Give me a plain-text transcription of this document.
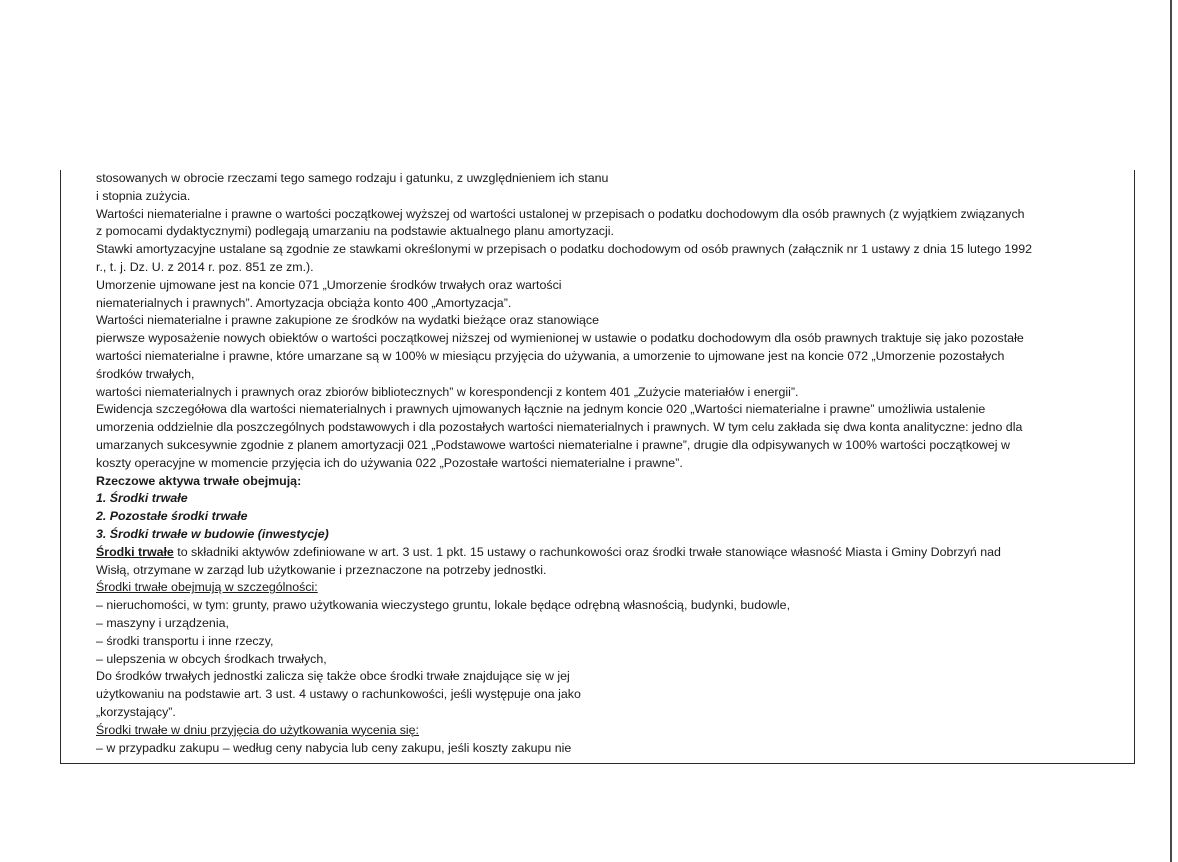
stosowanych w obrocie rzeczami tego samego rodzaju i gatunku, z uwzględnieniem ich stanu
i stopnia zużycia.
Wartości niematerialne i prawne o wartości początkowej wyższej od wartości ustalonej w przepisach o podatku dochodowym dla osób prawnych (z wyjątkiem związanych
z pomocami dydaktycznymi) podlegają umarzaniu na podstawie aktualnego planu amortyzacji.
Stawki amortyzacyjne ustalane są zgodnie ze stawkami określonymi w przepisach o podatku dochodowym od osób prawnych (załącznik nr 1 ustawy z dnia 15 lutego 1992
r., t. j. Dz. U. z 2014 r. poz. 851 ze zm.).
Umorzenie ujmowane jest na koncie 071 „Umorzenie środków trwałych oraz wartości
niematerialnych i prawnych”. Amortyzacja obciąża konto 400 „Amortyzacja”.
Wartości niematerialne i prawne zakupione ze środków na wydatki bieżące oraz stanowiące
pierwsze wyposażenie nowych obiektów o wartości początkowej niższej od wymienionej w ustawie o podatku dochodowym dla osób prawnych traktuje się jako pozostałe
wartości niematerialne i prawne, które umarzane są w 100% w miesiącu przyjęcia do używania, a umorzenie to ujmowane jest na koncie 072 „Umorzenie pozostałych
środków trwałych,
wartości niematerialnych i prawnych oraz zbiorów bibliotecznych” w korespondencji z kontem 401 „Zużycie materiałów i energii”.
Ewidencja szczegółowa dla wartości niematerialnych i prawnych ujmowanych łącznie na jednym koncie 020 „Wartości niematerialne i prawne” umożliwia ustalenie
umorzenia oddzielnie dla poszczególnych podstawowych i dla pozostałych wartości niematerialnych i prawnych. W tym celu zakłada się dwa konta analityczne: jedno dla
umarzanych sukcesywnie zgodnie z planem amortyzacji 021 „Podstawowe wartości niematerialne i prawne”, drugie dla odpisywanych w 100% wartości początkowej w
koszty operacyjne w momencie przyjęcia ich do używania 022 „Pozostałe wartości niematerialne i prawne”.
Rzeczowe aktywa trwałe obejmują:
1. Środki trwałe
2. Pozostałe środki trwałe
3. Środki trwałe w budowie (inwestycje)
Środki trwałe to składniki aktywów zdefiniowane w art. 3 ust. 1 pkt. 15 ustawy o rachunkowości oraz środki trwałe stanowiące własność Miasta i Gminy Dobrzyń nad
Wisłą, otrzymane w zarząd lub użytkowanie i przeznaczone na potrzeby jednostki.
Środki trwałe obejmują w szczególności:
– nieruchomości, w tym: grunty, prawo użytkowania wieczystego gruntu, lokale będące odrębną własnością, budynki, budowle,
– maszyny i urządzenia,
– środki transportu i inne rzeczy,
– ulepszenia w obcych środkach trwałych,
Do środków trwałych jednostki zalicza się także obce środki trwałe znajdujące się w jej
użytkowaniu na podstawie art. 3 ust. 4 ustawy o rachunkowości, jeśli występuje ona jako
„korzystający”.
Środki trwałe w dniu przyjęcia do użytkowania wycenia się:
– w przypadku zakupu – według ceny nabycia lub ceny zakupu, jeśli koszty zakupu nie
